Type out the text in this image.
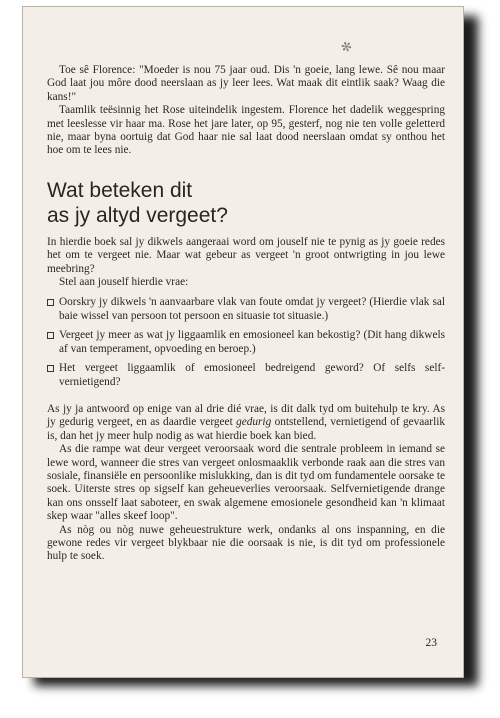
✻

Toe sê Florence: "Moeder is nou 75 jaar oud. Dis 'n goeie, lang lewe. Sê nou maar God laat jou môre dood neerslaan as jy leer lees. Wat maak dit eintlik saak? Waag die kans!"

Taamlik teësinnig het Rose uiteindelik ingestem. Florence het dadelik weggespring met leeslesse vir haar ma. Rose het jare later, op 95, gesterf, nog nie ten volle geletterd nie, maar byna oortuig dat God haar nie sal laat dood neerslaan omdat sy onthou het hoe om te lees nie.

Wat beteken dit
as jy altyd vergeet?

In hierdie boek sal jy dikwels aangeraai word om jouself nie te pynig as jy goeie redes het om te vergeet nie. Maar wat gebeur as vergeet 'n groot ontwrigting in jou lewe meebring?

Stel aan jouself hierdie vrae:

Oorskry jy dikwels 'n aanvaarbare vlak van foute omdat jy vergeet? (Hierdie vlak sal baie wissel van persoon tot persoon en situasie tot situasie.)
Vergeet jy meer as wat jy liggaamlik en emosioneel kan bekostig? (Dit hang dikwels af van temperament, opvoeding en beroep.)
Het vergeet liggaamlik of emosioneel bedreigend geword? Of selfs self-vernietigend?

As jy ja antwoord op enige van al drie dié vrae, is dit dalk tyd om buitehulp te kry. As jy gedurig vergeet, en as daardie vergeet gedurig ontstellend, vernietigend of gevaarlik is, dan het jy meer hulp nodig as wat hierdie boek kan bied.

As die rampe wat deur vergeet veroorsaak word die sentrale probleem in iemand se lewe word, wanneer die stres van vergeet onlosmaaklik verbonde raak aan die stres van sosiale, finansiële en persoonlike mislukking, dan is dit tyd om fundamentele oorsake te soek. Uiterste stres op sigself kan geheueverlies veroorsaak. Selfvernietigende drange kan ons onsself laat saboteer, en swak algemene emosionele gesondheid kan 'n klimaat skep waar "alles skeef loop".

As nòg ou nòg nuwe geheuestrukture werk, ondanks al ons inspanning, en die gewone redes vir vergeet blykbaar nie die oorsaak is nie, is dit tyd om professionele hulp te soek.

23
